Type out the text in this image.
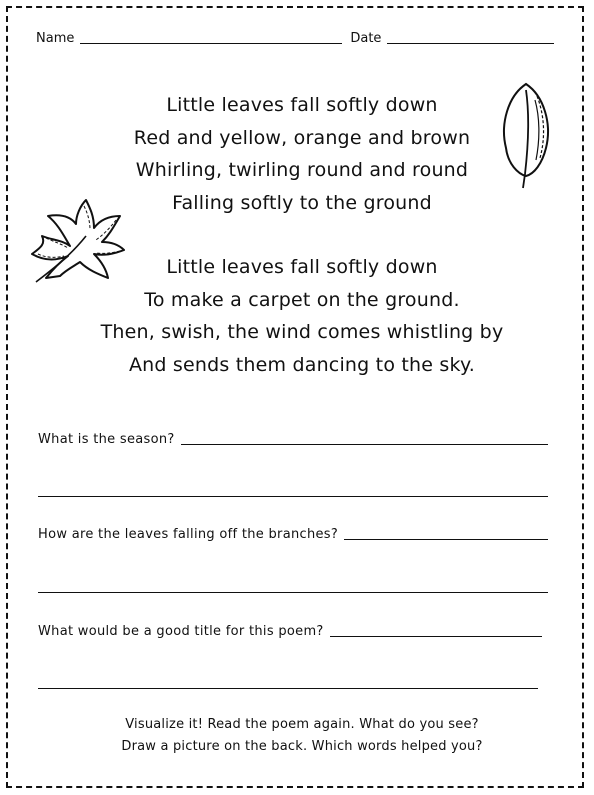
Name	Date
Little leaves fall softly down
Red and yellow, orange and brown
Whirling, twirling round and round
Falling softly to the ground
Little leaves fall softly down
To make a carpet on the ground.
Then, swish, the wind comes whistling by
And sends them dancing to the sky.
What is the season?
How are the leaves falling off the branches?
What would be a good title for this poem?
Visualize it! Read the poem again. What do you see?
Draw a picture on the back. Which words helped you?
